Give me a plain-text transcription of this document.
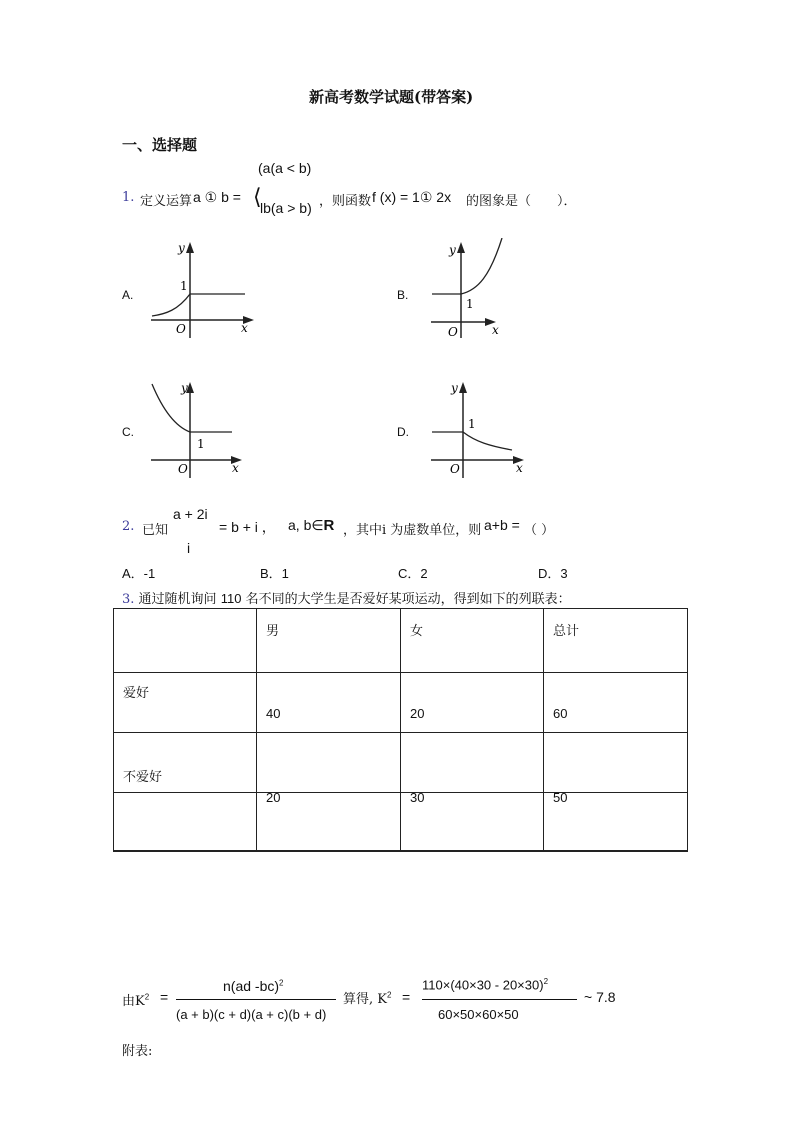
新高考数学试题(带答案)
一、选择题
(a(a < b)
1. 定义运算 a ① b = ⟨
lb(a > b) ，则函数 f (x) = 1① 2x 的图象是（　　）．
A.
y
x
O
1
B.
y
x
O
1
C.
y
x
O
1
D.
y
x
O
1
a + 2i
2. 已知	= b + i ， a, b∈R ，其中i 为虚数单位，则 a+b = （ ）
i
A．-1	B．1	C．2	D．3
3. 通过随机询问 110 名不同的大学生是否爱好某项运动，得到如下的列联表：
男	女	总计
爱好
40	20	60
不爱好
20	30	50
由$K^2$ =
n(ad -bc)$^2$
(a + b)(c + d)(a + c)(b + d)
算得, $K^2$ =
$110\times(40\times 30 - 20\times 30)^2$
60×50×60×50
~ 7.8
附表:
